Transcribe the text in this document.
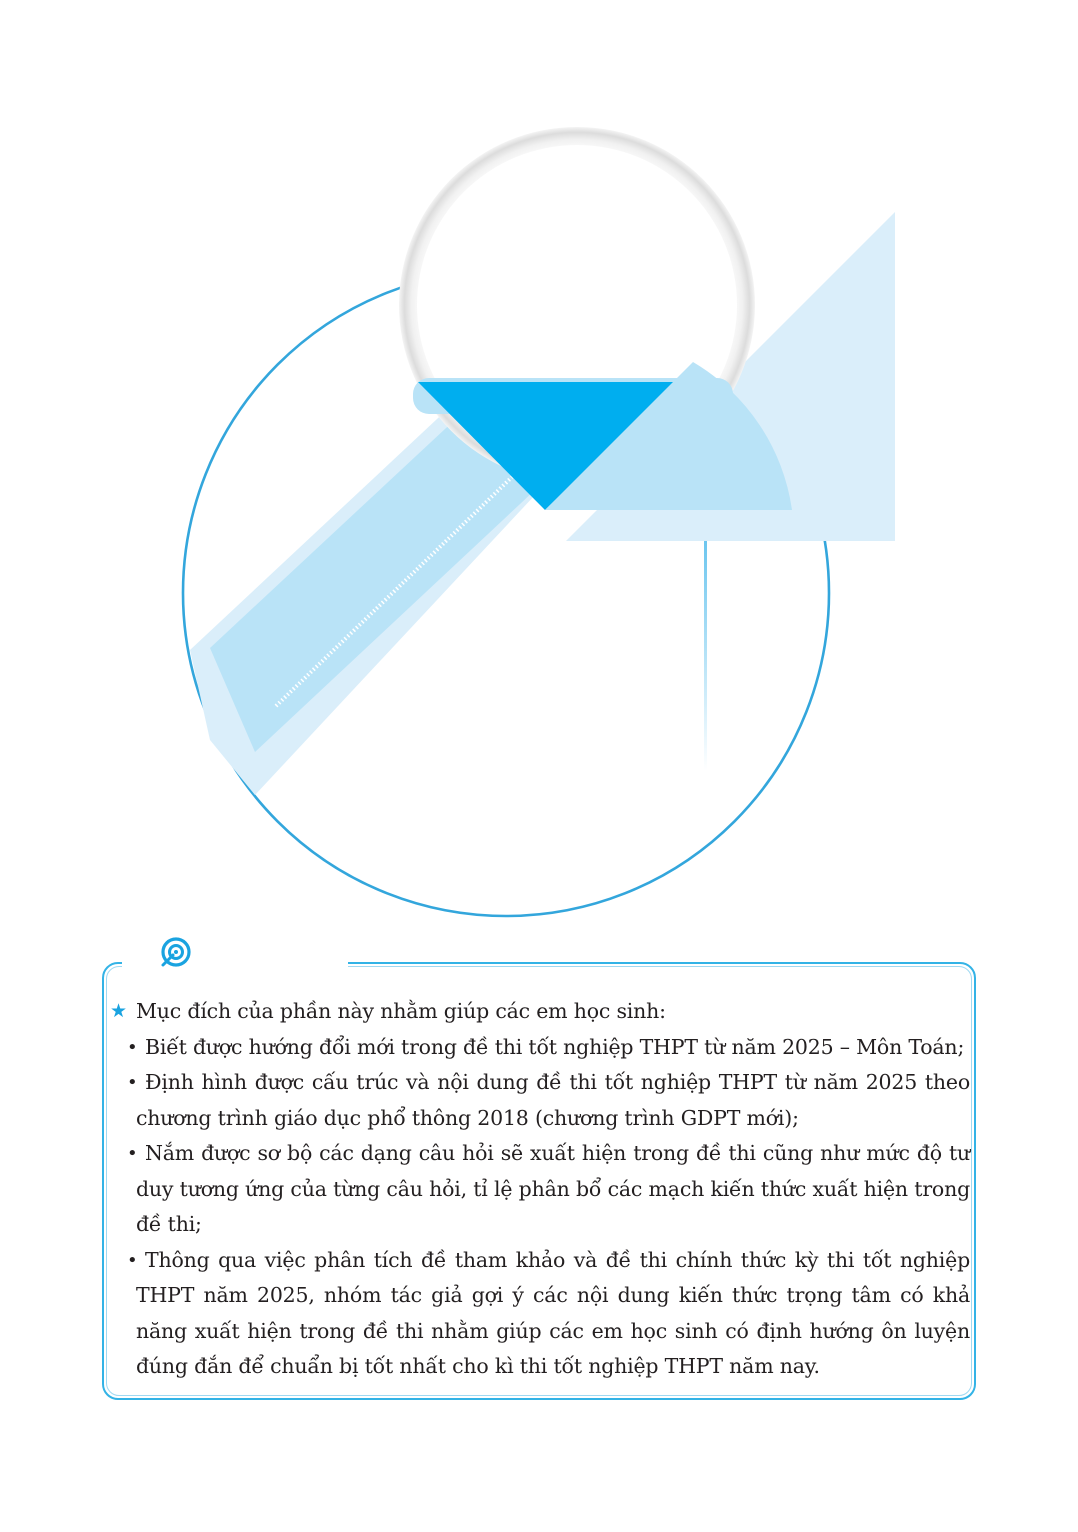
★ Mục đích của phần này nhằm giúp các em học sinh:
• Biết được hướng đổi mới trong đề thi tốt nghiệp THPT từ năm 2025 – Môn Toán;
• Định hình được cấu trúc và nội dung đề thi tốt nghiệp THPT từ năm 2025 theo chương trình giáo dục phổ thông 2018 (chương trình GDPT mới);
• Nắm được sơ bộ các dạng câu hỏi sẽ xuất hiện trong đề thi cũng như mức độ tư duy tương ứng của từng câu hỏi, tỉ lệ phân bổ các mạch kiến thức xuất hiện trong đề thi;
• Thông qua việc phân tích đề tham khảo và đề thi chính thức kỳ thi tốt nghiệp THPT năm 2025, nhóm tác giả gợi ý các nội dung kiến thức trọng tâm có khả năng xuất hiện trong đề thi nhằm giúp các em học sinh có định hướng ôn luyện đúng đắn để chuẩn bị tốt nhất cho kì thi tốt nghiệp THPT năm nay.
